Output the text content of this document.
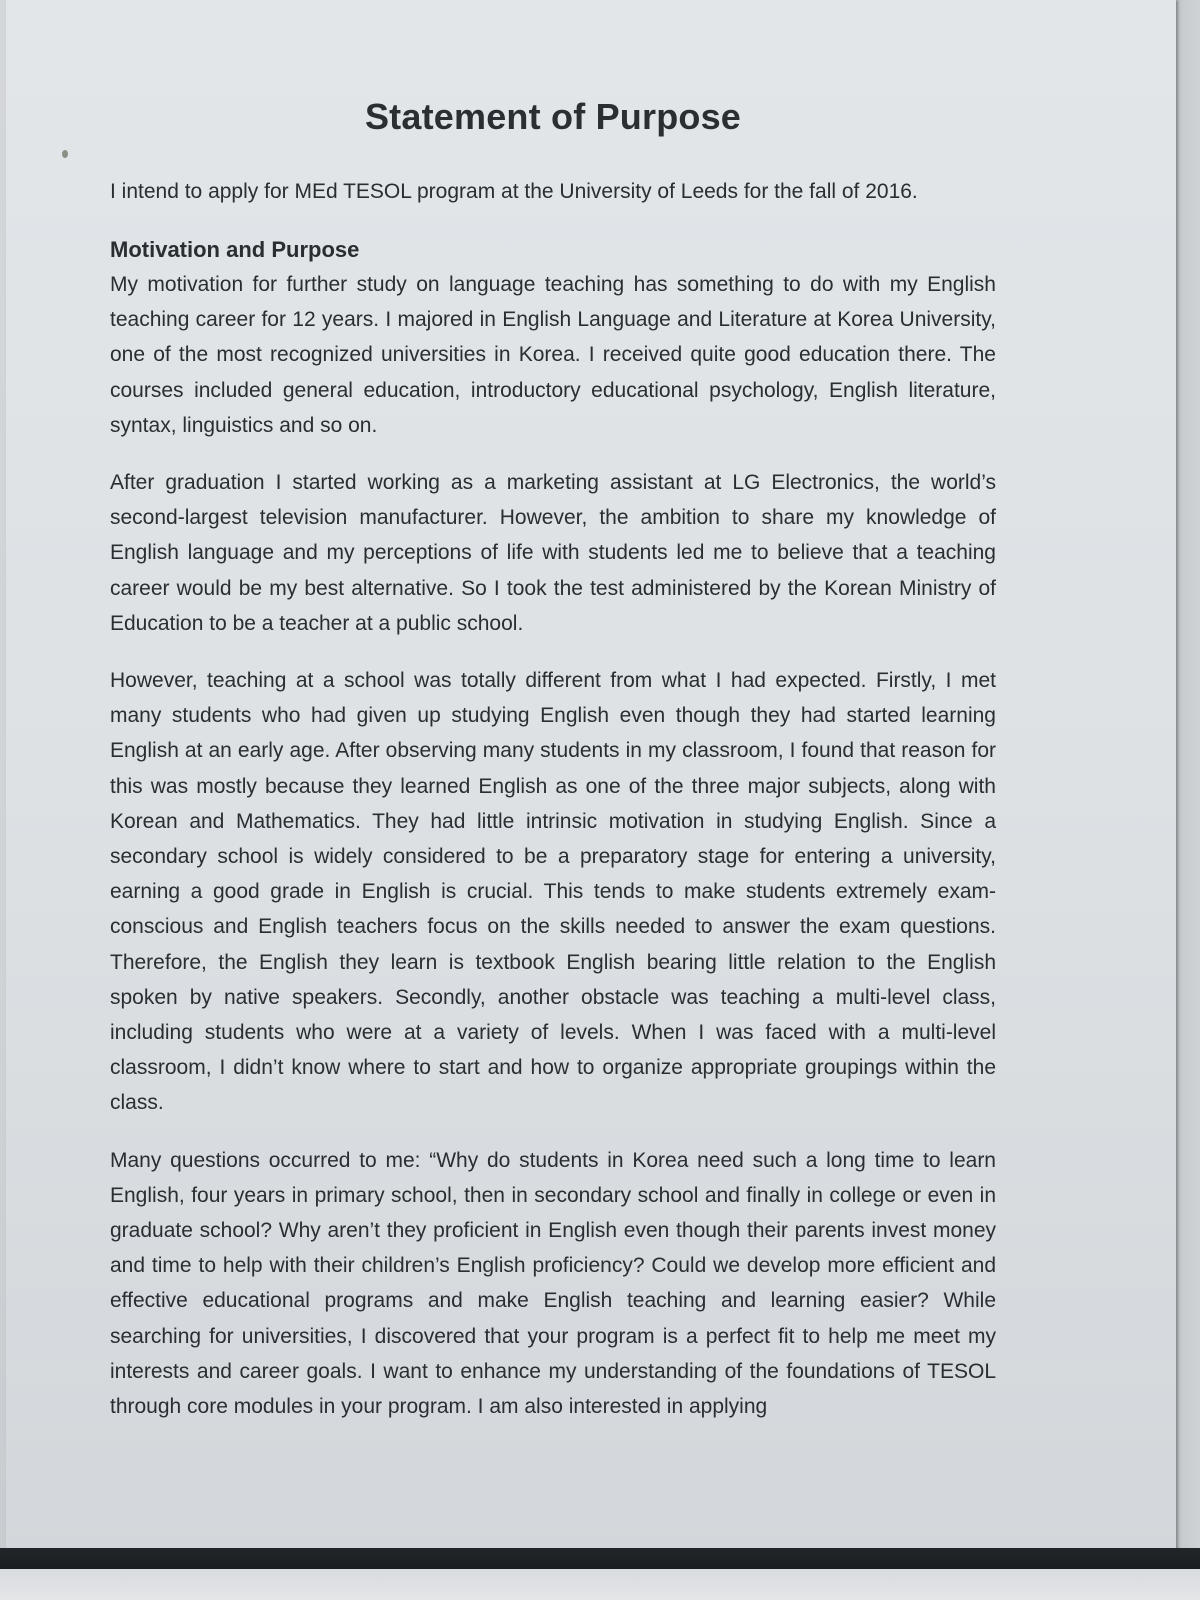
Statement of Purpose

I intend to apply for MEd TESOL program at the University of Leeds for the fall of 2016.

Motivation and Purpose

My motivation for further study on language teaching has something to do with my English teaching career for 12 years. I majored in English Language and Literature at Korea University, one of the most recognized universities in Korea. I received quite good education there. The courses included general education, introductory educational psychology, English literature, syntax, linguistics and so on.

After graduation I started working as a marketing assistant at LG Electronics, the world’s second-largest television manufacturer. However, the ambition to share my knowledge of English language and my perceptions of life with students led me to believe that a teaching career would be my best alternative. So I took the test administered by the Korean Ministry of Education to be a teacher at a public school.

However, teaching at a school was totally different from what I had expected. Firstly, I met many students who had given up studying English even though they had started learning English at an early age. After observing many students in my classroom, I found that reason for this was mostly because they learned English as one of the three major subjects, along with Korean and Mathematics. They had little intrinsic motivation in studying English. Since a secondary school is widely considered to be a preparatory stage for entering a university, earning a good grade in English is crucial. This tends to make students extremely exam-conscious and English teachers focus on the skills needed to answer the exam questions. Therefore, the English they learn is textbook English bearing little relation to the English spoken by native speakers. Secondly, another obstacle was teaching a multi-level class, including students who were at a variety of levels. When I was faced with a multi-level classroom, I didn’t know where to start and how to organize appropriate groupings within the class.

Many questions occurred to me: “Why do students in Korea need such a long time to learn English, four years in primary school, then in secondary school and finally in college or even in graduate school? Why aren’t they proficient in English even though their parents invest money and time to help with their children’s English proficiency? Could we develop more efficient and effective educational programs and make English teaching and learning easier? While searching for universities, I discovered that your program is a perfect fit to help me meet my interests and career goals. I want to enhance my understanding of the foundations of TESOL through core modules in your program. I am also interested in applying
